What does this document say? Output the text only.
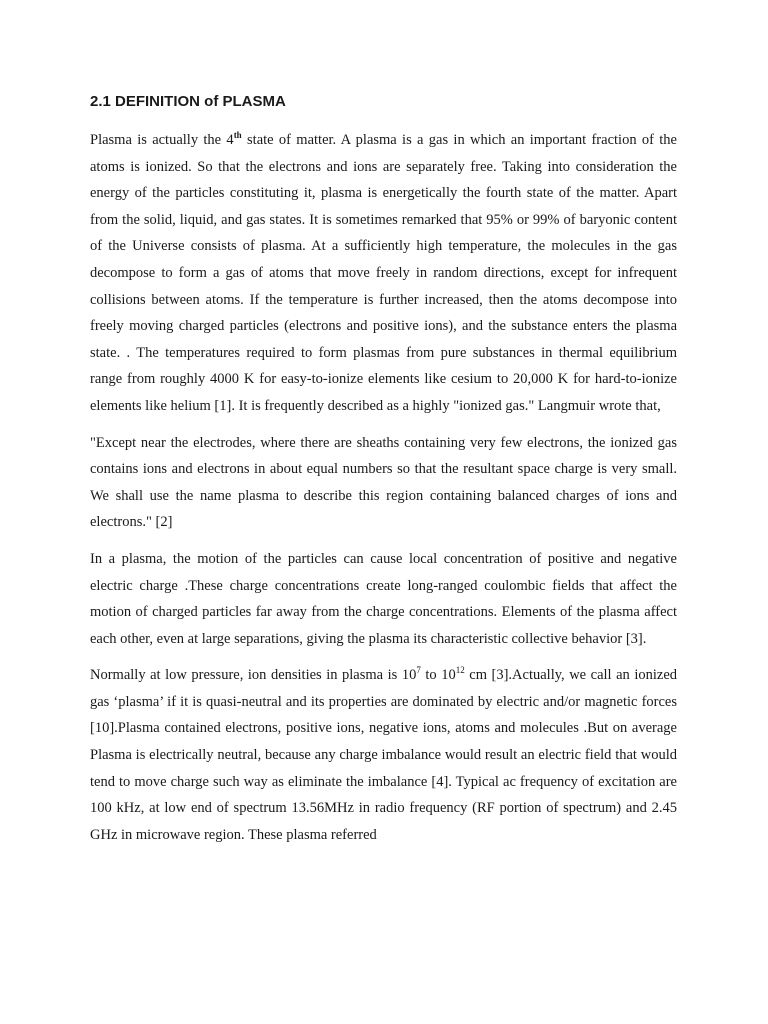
2.1 DEFINITION of PLASMA

Plasma is actually the 4th state of matter. A plasma is a gas in which an important fraction of the atoms is ionized. So that the electrons and ions are separately free. Taking into consideration the energy of the particles constituting it, plasma is energetically the fourth state of the matter. Apart from the solid, liquid, and gas states. It is sometimes remarked that 95% or 99% of baryonic content of the Universe consists of plasma. At a sufficiently high temperature, the molecules in the gas decompose to form a gas of atoms that move freely in random directions, except for infrequent collisions between atoms. If the temperature is further increased, then the atoms decompose into freely moving charged particles (electrons and positive ions), and the substance enters the plasma state. . The temperatures required to form plasmas from pure substances in thermal equilibrium range from roughly 4000 K for easy-to-ionize elements like cesium to 20,000 K for hard-to-ionize elements like helium [1]. It is frequently described as a highly "ionized gas." Langmuir wrote that,

"Except near the electrodes, where there are sheaths containing very few electrons, the ionized gas contains ions and electrons in about equal numbers so that the resultant space charge is very small. We shall use the name plasma to describe this region containing balanced charges of ions and electrons." [2]

In a plasma, the motion of the particles can cause local concentration of positive and negative electric charge .These charge concentrations create long-ranged coulombic fields that affect the motion of charged particles far away from the charge concentrations. Elements of the plasma affect each other, even at large separations, giving the plasma its characteristic collective behavior [3].

Normally at low pressure, ion densities in plasma is $10^7$ to $10^{12}$ cm [3].Actually, we call an ionized gas ‘plasma’ if it is quasi-neutral and its properties are dominated by electric and/or magnetic forces [10].Plasma contained electrons, positive ions, negative ions, atoms and molecules .But on average Plasma is electrically neutral, because any charge imbalance would result an electric field that would tend to move charge such way as eliminate the imbalance [4]. Typical ac frequency of excitation are 100 kHz, at low end of spectrum 13.56MHz in radio frequency (RF portion of spectrum) and 2.45 GHz in microwave region. These plasma referred
